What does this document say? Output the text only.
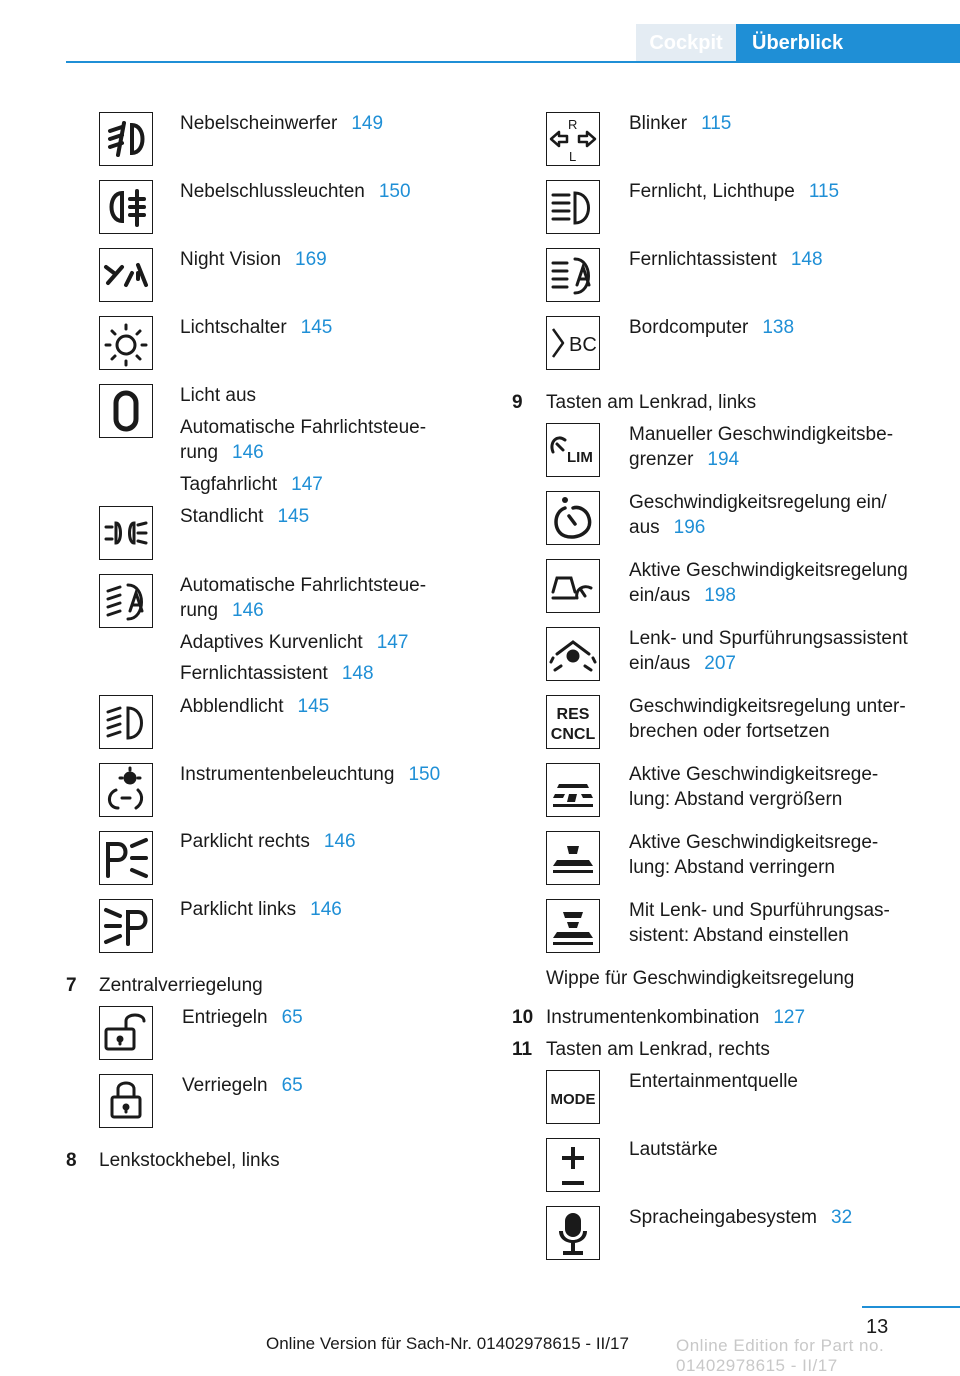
Cockpit	Überblick
Nebelscheinwerfer 149
Nebelschlussleuchten 150
Night Vision 169
Lichtschalter 145
Licht aus
Automatische Fahrlichtsteue-
rung 146
Tagfahrlicht 147
Standlicht 145
Automatische Fahrlichtsteue-
rung 146
Adaptives Kurvenlicht 147
Fernlichtassistent 148
Abblendlicht 145
Instrumentenbeleuchtung 150
Parklicht rechts 146
Parklicht links 146
7 Zentralverriegelung
Entriegeln 65
Verriegeln 65
8 Lenkstockhebel, links
R
L
BC
LIM
RES
CNCL
MODE
Blinker 115
Fernlicht, Lichthupe 115
Fernlichtassistent 148
Bordcomputer 138
9 Tasten am Lenkrad, links
Manueller Geschwindigkeitsbe-
grenzer 194
Geschwindigkeitsregelung ein/
aus 196
Aktive Geschwindigkeitsregelung
ein/aus 198
Lenk- und Spurführungsassistent
ein/aus 207
Geschwindigkeitsregelung unter-
brechen oder fortsetzen
Aktive Geschwindigkeitsrege-
lung: Abstand vergrößern
Aktive Geschwindigkeitsrege-
lung: Abstand verringern
Mit Lenk- und Spurführungsas-
sistent: Abstand einstellen
Wippe für Geschwindigkeitsregelung
10 Instrumentenkombination 127
11 Tasten am Lenkrad, rechts
Entertainmentquelle
Lautstärke
Spracheingabesystem 32
13
Online Edition for Part no. 01402978615 - II/17
Online Version für Sach-Nr. 01402978615 - II/17
